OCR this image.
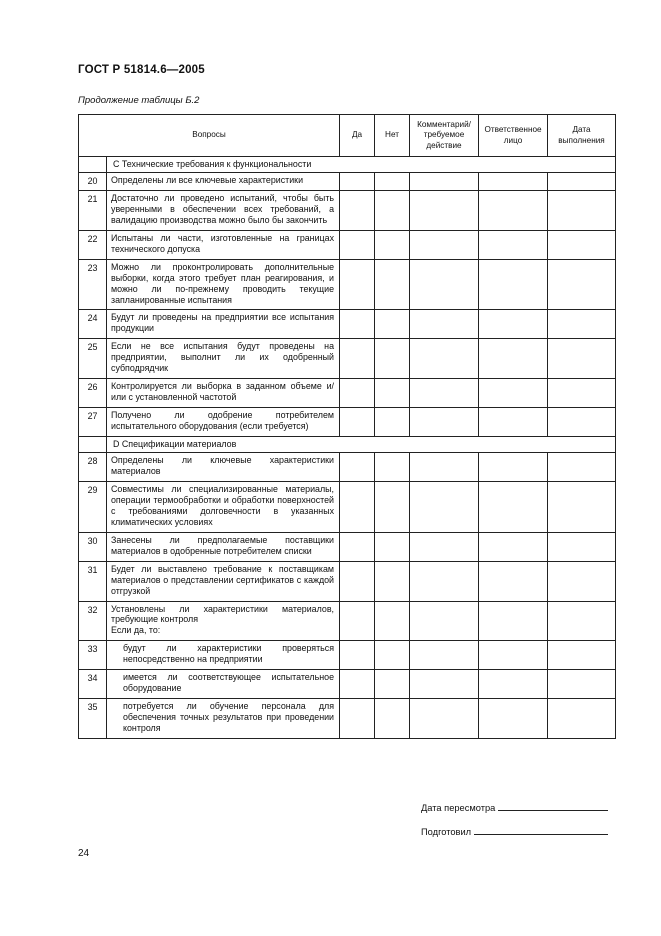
ГОСТ Р 51814.6—2005
Продолжение таблицы Б.2
Вопросы		Да	Нет	Комментарий/ требуемое действие	Ответственное лицо	Дата выполнения
	С Технические требования к функциональности					
20	Определены ли все ключевые характеристики					
21	Достаточно ли проведено испытаний, чтобы быть уверенными в обеспечении всех требований, а валидацию производства можно было бы закончить					
22	Испытаны ли части, изготовленные на границах технического допуска					
23	Можно ли проконтролировать дополнительные выборки, когда этого требует план реагирования, и можно ли по-прежнему проводить текущие запланированные испытания					
24	Будут ли проведены на предприятии все испытания продукции					
25	Если не все испытания будут проведены на предприятии, выполнит ли их одобренный субподрядчик					
26	Контролируется ли выборка в заданном объеме и/или с установленной частотой					
27	Получено ли одобрение потребителем испытательного оборудования (если требуется)					
	D Спецификации материалов					
28	Определены ли ключевые характеристики материалов					
29	Совместимы ли специализированные материалы, операции термообработки и обработки поверхностей с требованиями долговечности в указанных климатических условиях					
30	Занесены ли предполагаемые поставщики материалов в одобренные потребителем списки					
31	Будет ли выставлено требование к поставщикам материалов о представлении сертификатов с каждой отгрузкой					
32	Установлены ли характеристики материалов, требующие контроля
Если да, то:					
33	будут ли характеристики проверяться непосредственно на предприятии					
34	имеется ли соответствующее испытательное оборудование					
35	потребуется ли обучение персонала для обеспечения точных результатов при проведении контроля					
Дата пересмотра
Подготовил
24
